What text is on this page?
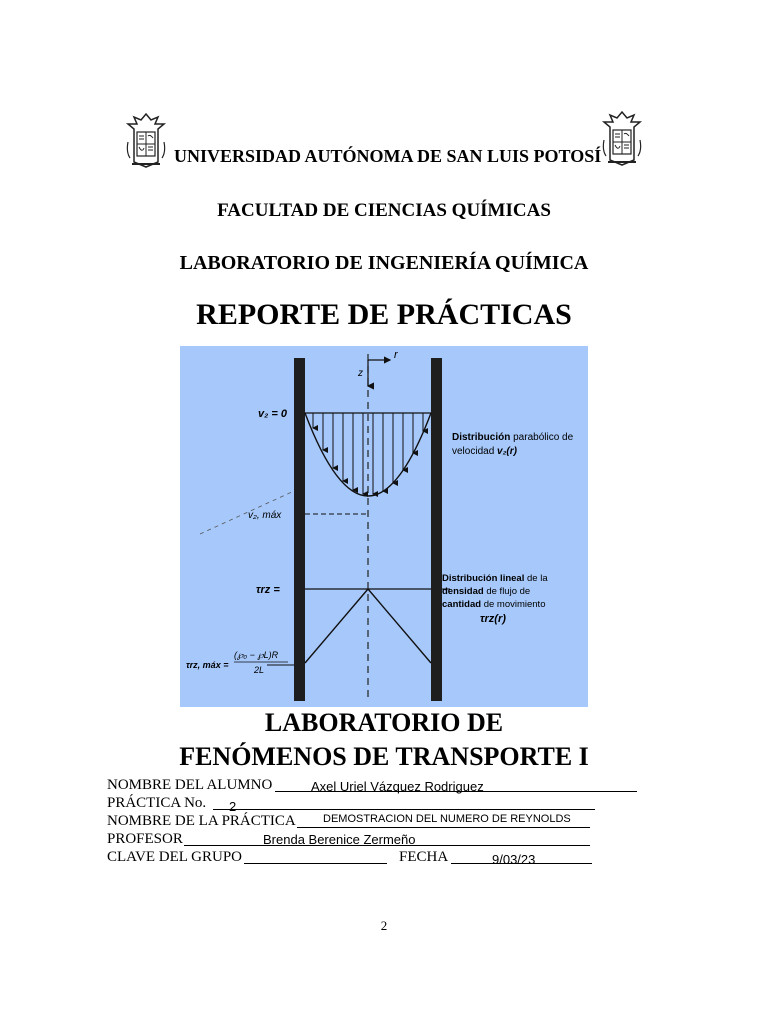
UNIVERSIDAD AUTÓNOMA DE SAN LUIS POTOSÍ
FACULTAD DE CIENCIAS QUÍMICAS
LABORATORIO DE INGENIERÍA QUÍMICA
REPORTE DE PRÁCTICAS
r
z
v₂ = 0
v₂, máx
τrz =
τrz, máx =
(℘₀ − ℘L)R
2L
Distribución parabólico de
velocidad v₂(r)
Distribución lineal de la
densidad de flujo de
cantidad de movimiento
τrz(r)
LABORATORIO DE
FENÓMENOS DE TRANSPORTE I
NOMBRE DEL ALUMNO	Axel Uriel Vázquez Rodriguez
PRÁCTICA No. 2
NOMBRE DE LA PRÁCTICA DEMOSTRACION DEL NUMERO DE REYNOLDS
PROFESOR	Brenda Berenice Zermeño
CLAVE DEL GRUPO	FECHA	9/03/23
2
